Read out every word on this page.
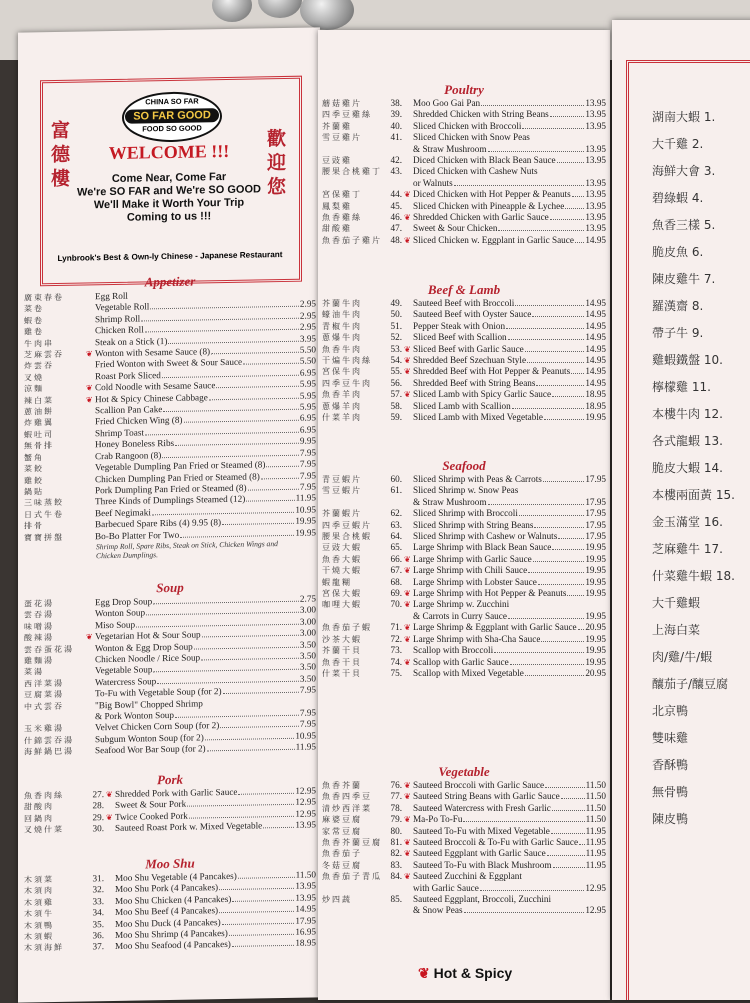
富
德
樓
歡
迎
您
CHINA SO FAR
SO FAR GOOD
FOOD SO GOOD
WELCOME !!!
Come Near, Come Far
We're SO FAR and We're SO GOOD
We'll Make it Worth Your Trip
Coming to us !!!
Lynbrook's Best & Own-ly Chinese - Japanese Restaurant
Appetizer
廣東春卷	Egg Roll
菜卷	Vegetable Roll	2.95
蝦卷	Shrimp Roll	2.95
雞卷	Chicken Roll	2.95
牛肉串	Steak on a Stick (1)	3.95
芝麻雲吞	❦ Wonton with Sesame Sauce (8)	5.50
炸雲吞	Fried Wonton with Sweet & Sour Sauce	5.50
叉燒	Roast Pork Sliced	6.95
涼麵	❦ Cold Noodle with Sesame Sauce	5.95
辣白菜	❦ Hot & Spicy Chinese Cabbage	5.95
蔥油餅	Scallion Pan Cake	5.95
炸雞翼	Fried Chicken Wing (8)	6.95
蝦吐司	Shrimp Toast	6.95
無骨排	Honey Boneless Ribs	9.95
蟹角	Crab Rangoon (8)	7.95
菜餃	Vegetable Dumpling Pan Fried or Steamed (8)	7.95
雞餃	Chicken Dumpling Pan Fried or Steamed (8)	7.95
鍋貼	Pork Dumpling Pan Fried or Steamed (8)	7.95
三味蒸餃	Three Kinds of Dumplings Steamed (12)	11.95
日式牛卷	Beef Negimaki	10.95
排骨	Barbecued Spare Ribs (4) 9.95 (8)	19.95
寶寶拼盤	Bo-Bo Platter For Two	19.95
Shrimp Roll, Spare Ribs, Steak on Stick, Chicken Wings and Chicken Dumplings.
Soup
蛋花湯	Egg Drop Soup	2.75
雲吞湯	Wonton Soup	3.00
味噌湯	Miso Soup	3.00
酸辣湯	❦ Vegetarian Hot & Sour Soup	3.00
雲吞蛋花湯	Wonton & Egg Drop Soup	3.50
雞麵湯	Chicken Noodle / Rice Soup	3.50
菜湯	Vegetable Soup	3.50
西洋菜湯	Watercress Soup	3.50
豆腐菜湯	To-Fu with Vegetable Soup (for 2)	7.95
中式雲吞	"Big Bowl" Chopped Shrimp
& Pork Wonton Soup	7.95
玉米雞湯	Velvet Chicken Corn Soup (for 2)	7.95
什錦雲吞湯	Subgum Wonton Soup (for 2)	10.95
海鮮鍋巴湯	Seafood Wor Bar Soup (for 2)	11.95
Pork
魚香肉絲	27. ❦ Shredded Pork with Garlic Sauce	12.95
甜酸肉	28. Sweet & Sour Pork	12.95
回鍋肉	29. ❦ Twice Cooked Pork	12.95
叉燒什菜	30. Sauteed Roast Pork w. Mixed Vegetable	13.95
Moo Shu
木須菜	31. Moo Shu Vegetable (4 Pancakes)	11.50
木須肉	32. Moo Shu Pork (4 Pancakes)	13.95
木須雞	33. Moo Shu Chicken (4 Pancakes)	13.95
木須牛	34. Moo Shu Beef (4 Pancakes)	14.95
木須鴨	35. Moo Shu Duck (4 Pancakes)	17.95
木須蝦	36. Moo Shu Shrimp (4 Pancakes)	16.95
木須海鮮	37. Moo Shu Seafood (4 Pancakes)	18.95
Poultry
蘑菇雞片	38. Moo Goo Gai Pan	13.95
四季豆雞絲	39. Shredded Chicken with String Beans	13.95
芥蘭雞	40. Sliced Chicken with Broccoli	13.95
雪豆雞片	41. Sliced Chicken with Snow Peas
& Straw Mushroom	13.95
豆豉雞	42. Diced Chicken with Black Bean Sauce	13.95
腰果合桃雞丁 43. Diced Chicken with Cashew Nuts
or Walnuts	13.95
宮保雞丁	44. ❦ Diced Chicken with Hot Pepper & Peanuts 13.95
鳳梨雞	45. Sliced Chicken with Pineapple & Lychee 13.95
魚香雞絲	46. ❦ Shredded Chicken with Garlic Sauce	13.95
甜酸雞	47. Sweet & Sour Chicken	13.95
魚香茄子雞片 48. ❦ Sliced Chicken w. Eggplant in Garlic Sauce 14.95
Beef & Lamb
芥蘭牛肉	49. Sauteed Beef with Broccoli	14.95
蠔油牛肉	50. Sauteed Beef with Oyster Sauce	14.95
青椒牛肉	51. Pepper Steak with Onion	14.95
蔥爆牛肉	52. Sliced Beef with Scallion	14.95
魚香牛肉	53. ❦ Sliced Beef with Garlic Sauce	14.95
干煸牛肉絲	54. ❦ Shredded Beef Szechuan Style	14.95
宮保牛肉	55. ❦ Shredded Beef with Hot Pepper & Peanuts 14.95
四季豆牛肉	56. Shredded Beef with String Beans	14.95
魚香羊肉	57. ❦ Sliced Lamb with Spicy Garlic Sauce	18.95
蔥爆羊肉	58. Sliced Lamb with Scallion	18.95
什菜羊肉	59. Sliced Lamb with Mixed Vegetable	19.95
Seafood
青豆蝦片	60. Sliced Shrimp with Peas & Carrots	17.95
雪豆蝦片	61. Sliced Shrimp w. Snow Peas
& Straw Mushroom	17.95
芥蘭蝦片	62. Sliced Shrimp with Broccoli	17.95
四季豆蝦片	63. Sliced Shrimp with String Beans	17.95
腰果合桃蝦	64. Sliced Shrimp with Cashew or Walnuts	17.95
豆豉大蝦	65. Large Shrimp with Black Bean Sauce	19.95
魚香大蝦	66. ❦ Large Shrimp with Garlic Sauce	19.95
干燒大蝦	67. ❦ Large Shrimp with Chili Sauce	19.95
蝦龍糊	68. Large Shrimp with Lobster Sauce	19.95
宮保大蝦	69. ❦ Large Shrimp with Hot Pepper & Peanuts 19.95
咖哩大蝦	70. ❦ Large Shrimp w. Zucchini
& Carrots in Curry Sauce	19.95
魚香茄子蝦	71. ❦ Large Shrimp & Eggplant with Garlic Sauce 20.95
沙茶大蝦	72. ❦ Large Shrimp with Sha-Cha Sauce	19.95
芥蘭干貝	73. Scallop with Broccoli	19.95
魚香干貝	74. ❦ Scallop with Garlic Sauce	19.95
什菜干貝	75. Scallop with Mixed Vegetable	20.95
Vegetable
魚香芥蘭	76. ❦ Sauteed Broccoli with Garlic Sauce	11.50
魚香四季豆	77. ❦ Sauteed String Beans with Garlic Sauce	11.50
清炒西洋菜	78. Sauteed Watercress with Fresh Garlic	11.50
麻婆豆腐	79. ❦ Ma-Po To-Fu	11.50
家常豆腐	80. Sauteed To-Fu with Mixed Vegetable	11.95
魚香芥蘭豆腐 81. ❦ Sauteed Broccoli & To-Fu with Garlic Sauce 11.95
魚香茄子	82. ❦ Sauteed Eggplant with Garlic Sauce	11.95
冬菇豆腐	83. Sauteed To-Fu with Black Mushroom	11.95
魚香茄子青瓜 84. ❦ Sauteed Zucchini & Eggplant
with Garlic Sauce	12.95
炒四蔬	85. Sauteed Eggplant, Broccoli, Zucchini
& Snow Peas	12.95
❦ Hot & Spicy
湖南大蝦 1.
大千雞 2.
海鮮大會 3.
碧綠蝦 4.
魚香三樣 5.
脆皮魚 6.
陳皮雞牛 7.
羅漢齋 8.
帶子牛 9.
雞蝦鐵盤 10.
檸檬雞 11.
本樓牛肉 12.
各式龍蝦 13.
脆皮大蝦 14.
本樓兩面黃 15.
金玉滿堂 16.
芝麻雞牛 17.
什菜雞牛蝦 18.
大千雞蝦
上海白菜
肉/雞/牛/蝦
釀茄子/釀豆腐
北京鴨
雙味雞
香酥鴨
無骨鴨
陳皮鴨
